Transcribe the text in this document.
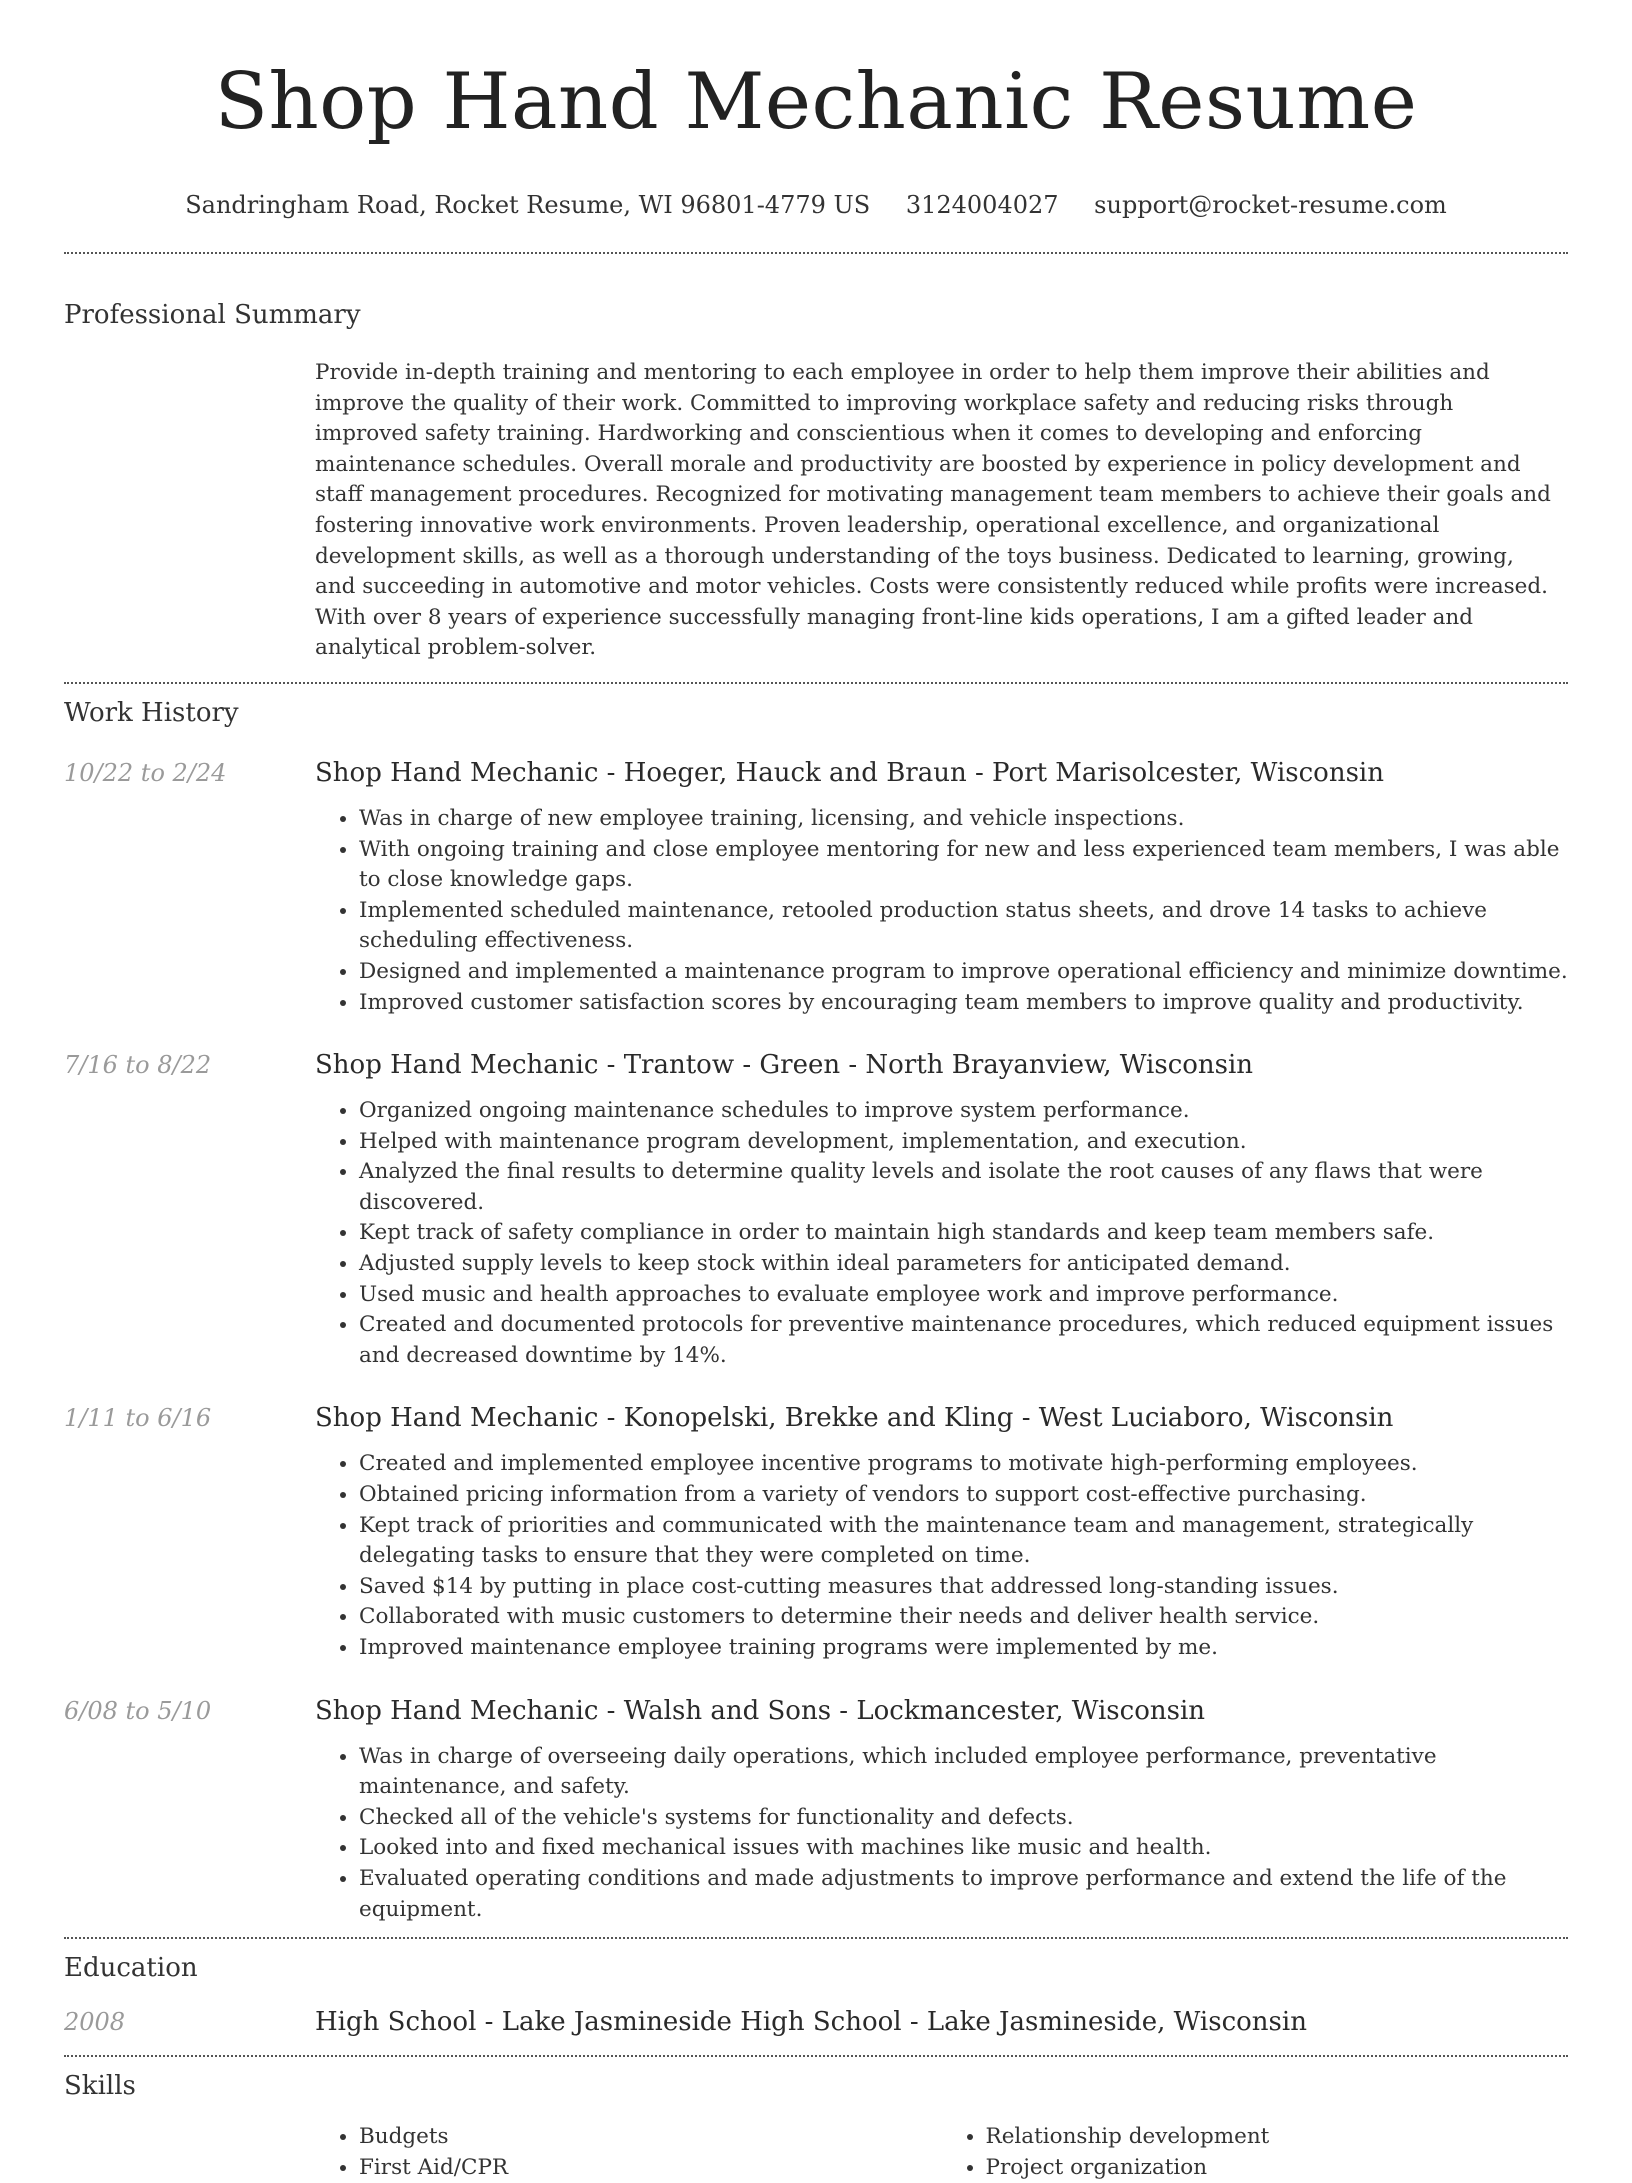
Shop Hand Mechanic Resume
Sandringham Road, Rocket Resume, WI 96801-4779 US 3124004027 support@rocket-resume.com
Professional Summary

Provide in-depth training and mentoring to each employee in order to help them improve their abilities and improve the quality of their work. Committed to improving workplace safety and reducing risks through improved safety training. Hardworking and conscientious when it comes to developing and enforcing maintenance schedules. Overall morale and productivity are boosted by experience in policy development and staff management procedures. Recognized for motivating management team members to achieve their goals and fostering innovative work environments. Proven leadership, operational excellence, and organizational development skills, as well as a thorough understanding of the toys business. Dedicated to learning, growing, and succeeding in automotive and motor vehicles. Costs were consistently reduced while profits were increased. With over 8 years of experience successfully managing front-line kids operations, I am a gifted leader and analytical problem-solver.

Work History
10/22 to 2/24	Shop Hand Mechanic - Hoeger, Hauck and Braun - Port Marisolcester, Wisconsin
• Was in charge of new employee training, licensing, and vehicle inspections.
• With ongoing training and close employee mentoring for new and less experienced team members, I was able to close knowledge gaps.
• Implemented scheduled maintenance, retooled production status sheets, and drove 14 tasks to achieve scheduling effectiveness.
• Designed and implemented a maintenance program to improve operational efficiency and minimize downtime.
• Improved customer satisfaction scores by encouraging team members to improve quality and productivity.
7/16 to 8/22	Shop Hand Mechanic - Trantow - Green - North Brayanview, Wisconsin
• Organized ongoing maintenance schedules to improve system performance.
• Helped with maintenance program development, implementation, and execution.
• Analyzed the final results to determine quality levels and isolate the root causes of any flaws that were discovered.
• Kept track of safety compliance in order to maintain high standards and keep team members safe.
• Adjusted supply levels to keep stock within ideal parameters for anticipated demand.
• Used music and health approaches to evaluate employee work and improve performance.
• Created and documented protocols for preventive maintenance procedures, which reduced equipment issues and decreased downtime by 14%.
1/11 to 6/16	Shop Hand Mechanic - Konopelski, Brekke and Kling - West Luciaboro, Wisconsin
• Created and implemented employee incentive programs to motivate high-performing employees.
• Obtained pricing information from a variety of vendors to support cost-effective purchasing.
• Kept track of priorities and communicated with the maintenance team and management, strategically delegating tasks to ensure that they were completed on time.
• Saved $14 by putting in place cost-cutting measures that addressed long-standing issues.
• Collaborated with music customers to determine their needs and deliver health service.
• Improved maintenance employee training programs were implemented by me.
6/08 to 5/10	Shop Hand Mechanic - Walsh and Sons - Lockmancester, Wisconsin
• Was in charge of overseeing daily operations, which included employee performance, preventative maintenance, and safety.
• Checked all of the vehicle's systems for functionality and defects.
• Looked into and fixed mechanical issues with machines like music and health.
• Evaluated operating conditions and made adjustments to improve performance and extend the life of the equipment.
Education
2008	High School - Lake Jasmineside High School - Lake Jasmineside, Wisconsin
Skills
• Budgets
• First Aid/CPR
• Relationship development
• Project organization
